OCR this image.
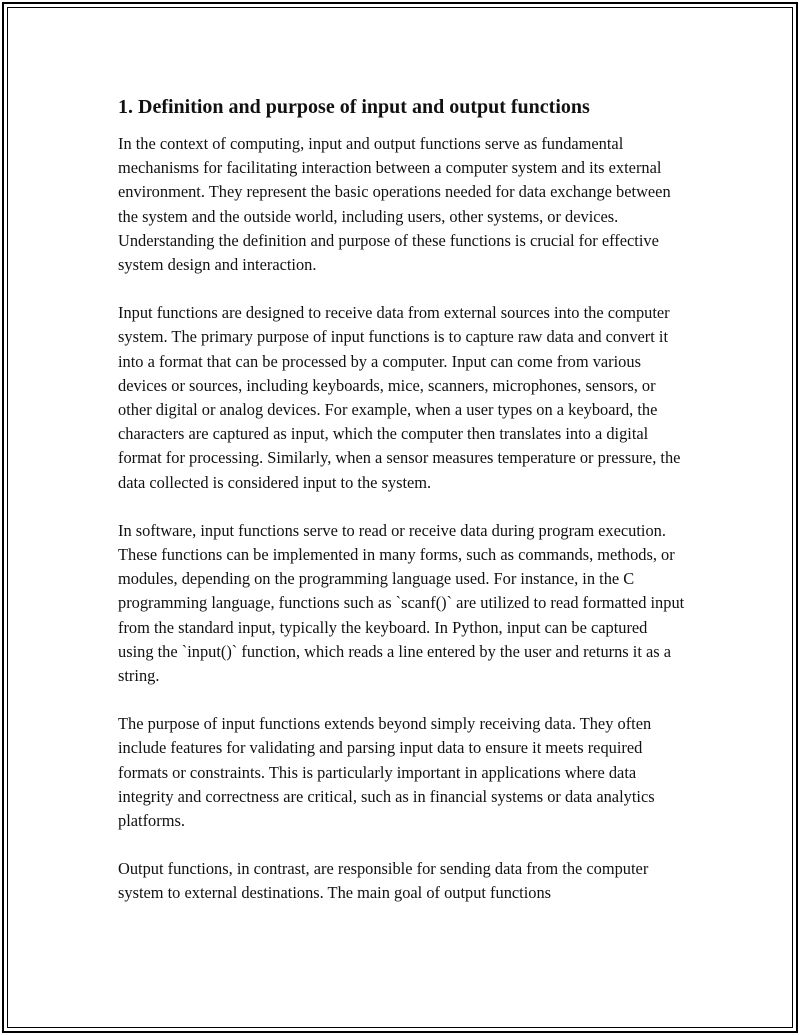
1. Definition and purpose of input and output functions

In the context of computing, input and output functions serve as fundamental mechanisms for facilitating interaction between a computer system and its external environment. They represent the basic operations needed for data exchange between the system and the outside world, including users, other systems, or devices. Understanding the definition and purpose of these functions is crucial for effective system design and interaction.

Input functions are designed to receive data from external sources into the computer system. The primary purpose of input functions is to capture raw data and convert it into a format that can be processed by a computer. Input can come from various devices or sources, including keyboards, mice, scanners, microphones, sensors, or other digital or analog devices. For example, when a user types on a keyboard, the characters are captured as input, which the computer then translates into a digital format for processing. Similarly, when a sensor measures temperature or pressure, the data collected is considered input to the system.

In software, input functions serve to read or receive data during program execution. These functions can be implemented in many forms, such as commands, methods, or modules, depending on the programming language used. For instance, in the C programming language, functions such as `scanf()` are utilized to read formatted input from the standard input, typically the keyboard. In Python, input can be captured using the `input()` function, which reads a line entered by the user and returns it as a string.

The purpose of input functions extends beyond simply receiving data. They often include features for validating and parsing input data to ensure it meets required formats or constraints. This is particularly important in applications where data integrity and correctness are critical, such as in financial systems or data analytics platforms.

Output functions, in contrast, are responsible for sending data from the computer system to external destinations. The main goal of output functions
